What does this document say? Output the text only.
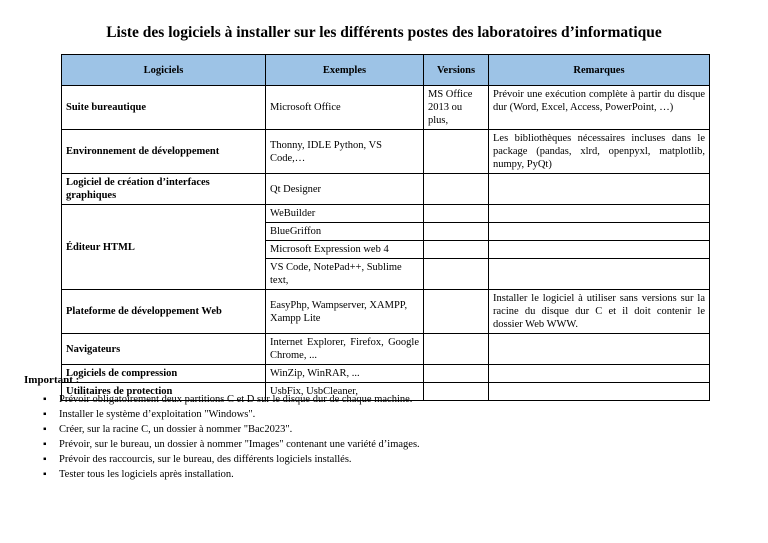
Liste des logiciels à installer sur les différents postes des laboratoires d’informatique
Logiciels	Exemples	Versions	Remarques
Suite bureautique	Microsoft Office	MS Office 2013 ou plus,	Prévoir une exécution complète à partir du disque dur (Word, Excel, Access, PowerPoint, …)
Environnement de développement	Thonny, IDLE Python, VS Code,…		Les bibliothèques nécessaires incluses dans le package (pandas, xlrd, openpyxl, matplotlib, numpy, PyQt)
Logiciel de création d’interfaces graphiques	Qt Designer		
Éditeur HTML	WeBuilder		
	BlueGriffon		
	Microsoft Expression web 4		
	VS Code, NotePad++, Sublime text,		
Plateforme de développement Web	EasyPhp, Wampserver, XAMPP, Xampp Lite		Installer le logiciel à utiliser sans versions sur la racine du disque dur C et il doit contenir le dossier Web WWW.
Navigateurs	Internet Explorer, Firefox, Google Chrome, ...		
Logiciels de compression	WinZip, WinRAR, ...		
Utilitaires de protection	UsbFix, UsbCleaner,		
Important :
▪ Prévoir obligatoirement deux partitions C et D sur le disque dur de chaque machine.
▪ Installer le système d’exploitation "Windows".
▪ Créer, sur la racine C, un dossier à nommer "Bac2023".
▪ Prévoir, sur le bureau, un dossier à nommer "Images" contenant une variété d’images.
▪ Prévoir des raccourcis, sur le bureau, des différents logiciels installés.
▪ Tester tous les logiciels après installation.
